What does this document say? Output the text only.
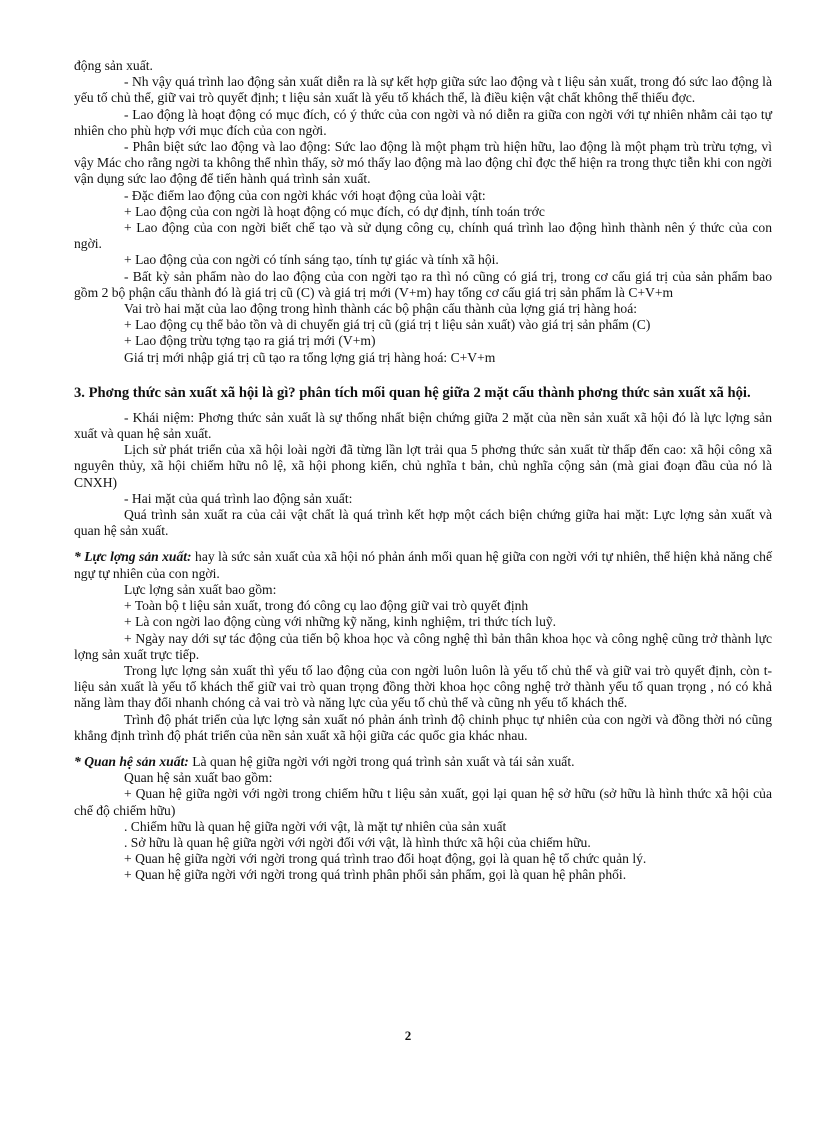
động sản xuất.

- Nh vậy quá trình lao động sản xuất diễn ra là sự kết hợp giữa sức lao động và t liệu sản xuất, trong đó sức lao động là yếu tố chủ thể, giữ vai trò quyết định; t liệu sản xuất là yếu tố khách thể, là điều kiện vật chất không thể thiếu đợc.

- Lao động là hoạt động có mục đích, có ý thức của con ngời và nó diễn ra giữa con ngời với tự nhiên nhằm cải tạo tự nhiên cho phù hợp với mục đích của con ngời.

- Phân biệt sức lao động và lao động: Sức lao động là một phạm trù hiện hữu, lao động là một phạm trù trừu tợng, vì vậy Mác cho rằng ngời ta không thể nhìn thấy, sờ mó thấy lao động mà lao động chỉ đợc thể hiện ra trong thực tiễn khi con ngời vận dụng sức lao động để tiến hành quá trình sản xuất.

- Đặc điểm lao động của con ngời khác với hoạt động của loài vật:

+ Lao động của con ngời là hoạt động có mục đích, có dự định, tính toán trớc

+ Lao động của con ngời biết chế tạo và sử dụng công cụ, chính quá trình lao động hình thành nên ý thức của con ngời.

+ Lao động của con ngời có tính sáng tạo, tính tự giác và tính xã hội.

- Bất kỳ sản phẩm nào do lao động của con ngời tạo ra thì nó cũng có giá trị, trong cơ cấu giá trị của sản phẩm bao gồm 2 bộ phận cấu thành đó là giá trị cũ (C) và giá trị mới (V+m) hay tổng cơ cấu giá trị sản phẩm là C+V+m

Vai trò hai mặt của lao động trong hình thành các bộ phận cấu thành của lợng giá trị hàng hoá:

+ Lao động cụ thể bảo tồn và di chuyển giá trị cũ (giá trị t liệu sản xuất) vào giá trị sản phẩm (C)

+ Lao động trừu tợng tạo ra giá trị mới (V+m)

Giá trị mới nhập giá trị cũ tạo ra tổng lợng giá trị hàng hoá: C+V+m

3. Phơng thức sản xuất xã hội là gì? phân tích mối quan hệ giữa 2 mặt cấu thành phơng thức sản xuất xã hội.

- Khái niệm: Phơng thức sản xuất là sự thống nhất biện chứng giữa 2 mặt của nền sản xuất xã hội đó là lực lợng sản xuất và quan hệ sản xuất.

Lịch sử phát triển của xã hội loài ngời đã từng lần lợt trải qua 5 phơng thức sản xuất từ thấp đến cao: xã hội công xã nguyên thủy, xã hội chiếm hữu nô lệ, xã hội phong kiến, chủ nghĩa t bản, chủ nghĩa cộng sản (mà giai đoạn đầu của nó là CNXH)

- Hai mặt của quá trình lao động sản xuất:

Quá trình sản xuất ra của cải vật chất là quá trình kết hợp một cách biện chứng giữa hai mặt: Lực lợng sản xuất và quan hệ sản xuất.

* Lực lợng sản xuất: hay là sức sản xuất của xã hội nó phản ánh mối quan hệ giữa con ngời với tự nhiên, thể hiện khả năng chế ngự tự nhiên của con ngời.

Lực lợng sản xuất bao gồm:

+ Toàn bộ t liệu sản xuất, trong đó công cụ lao động giữ vai trò quyết định

+ Là con ngời lao động cùng với những kỹ năng, kinh nghiệm, tri thức tích luỹ.

+ Ngày nay dới sự tác động của tiến bộ khoa học và công nghệ thì bản thân khoa học và công nghệ cũng trở thành lực lợng sản xuất trực tiếp.

Trong lực lợng sản xuất thì yếu tố lao động của con ngời luôn luôn là yếu tố chủ thể và giữ vai trò quyết định, còn t liệu sản xuất là yếu tố khách thể giữ vai trò quan trọng đồng thời khoa học công nghệ trở thành yếu tố quan trọng , nó có khả năng làm thay đổi nhanh chóng cả vai trò và năng lực của yếu tố chủ thể và cũng nh yếu tố khách thể.

Trình độ phát triển của lực lợng sản xuất nó phản ánh trình độ chinh phục tự nhiên của con ngời và đồng thời nó cũng khẳng định trình độ phát triển của nền sản xuất xã hội giữa các quốc gia khác nhau.

* Quan hệ sản xuất: Là quan hệ giữa ngời với ngời trong quá trình sản xuất và tái sản xuất.

Quan hệ sản xuất bao gồm:

+ Quan hệ giữa ngời với ngời trong chiếm hữu t liệu sản xuất, gọi lại quan hệ sở hữu (sở hữu là hình thức xã hội của chế độ chiếm hữu)

. Chiếm hữu là quan hệ giữa ngời với vật, là mặt tự nhiên của sản xuất

. Sở hữu là quan hệ giữa ngời với ngời đối với vật, là hình thức xã hội của chiếm hữu.

+ Quan hệ giữa ngời với ngời trong quá trình trao đổi hoạt động, gọi là quan hệ tổ chức quản lý.

+ Quan hệ giữa ngời với ngời trong quá trình phân phối sản phẩm, gọi là quan hệ phân phối.

2
